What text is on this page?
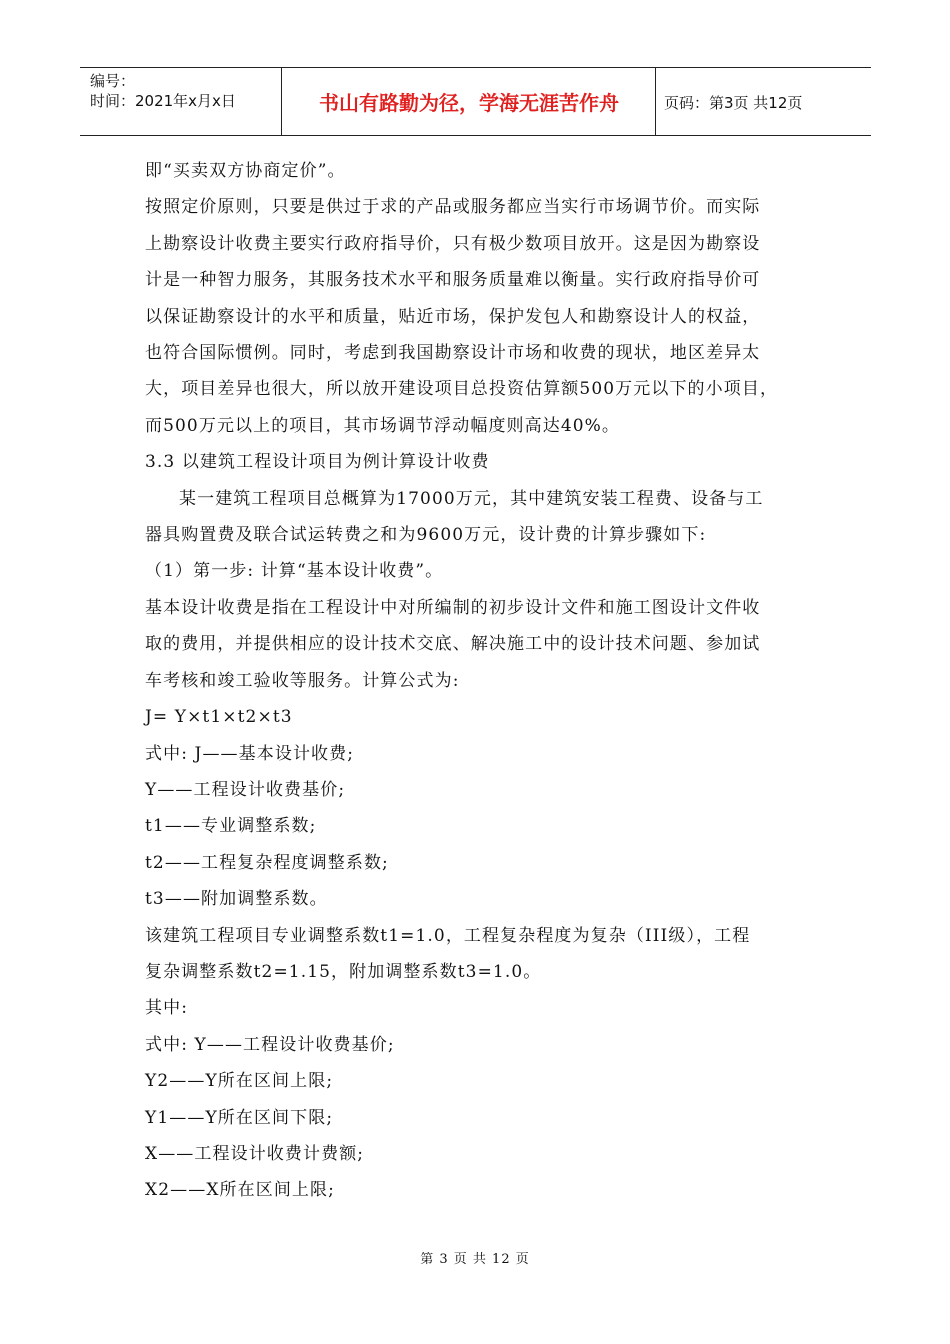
编号：
时间：2021年x月x日	书山有路勤为径，学海无涯苦作舟	页码：第3页 共12页
即“买卖双方协商定价”。
按照定价原则，只要是供过于求的产品或服务都应当实行市场调节价。而实际
上勘察设计收费主要实行政府指导价，只有极少数项目放开。这是因为勘察设
计是一种智力服务，其服务技术水平和服务质量难以衡量。实行政府指导价可
以保证勘察设计的水平和质量，贴近市场，保护发包人和勘察设计人的权益，
也符合国际惯例。同时，考虑到我国勘察设计市场和收费的现状，地区差异太
大，项目差异也很大，所以放开建设项目总投资估算额500万元以下的小项目，
而500万元以上的项目，其市场调节浮动幅度则高达40%。
3.3 以建筑工程设计项目为例计算设计收费
某一建筑工程项目总概算为17000万元，其中建筑安装工程费、设备与工
器具购置费及联合试运转费之和为9600万元，设计费的计算步骤如下:
（1）第一步: 计算“基本设计收费”。
基本设计收费是指在工程设计中对所编制的初步设计文件和施工图设计文件收
取的费用，并提供相应的设计技术交底、解决施工中的设计技术问题、参加试
车考核和竣工验收等服务。计算公式为:
J= Y×t1×t2×t3
式中: J——基本设计收费;
Y——工程设计收费基价;
t1——专业调整系数;
t2——工程复杂程度调整系数;
t3——附加调整系数。
该建筑工程项目专业调整系数t1=1.0，工程复杂程度为复杂（III级），工程
复杂调整系数t2=1.15，附加调整系数t3=1.0。
其中:
式中: Y——工程设计收费基价;
Y2——Y所在区间上限;
Y1——Y所在区间下限;
X——工程设计收费计费额;
X2——X所在区间上限;
第 3 页 共 12 页
